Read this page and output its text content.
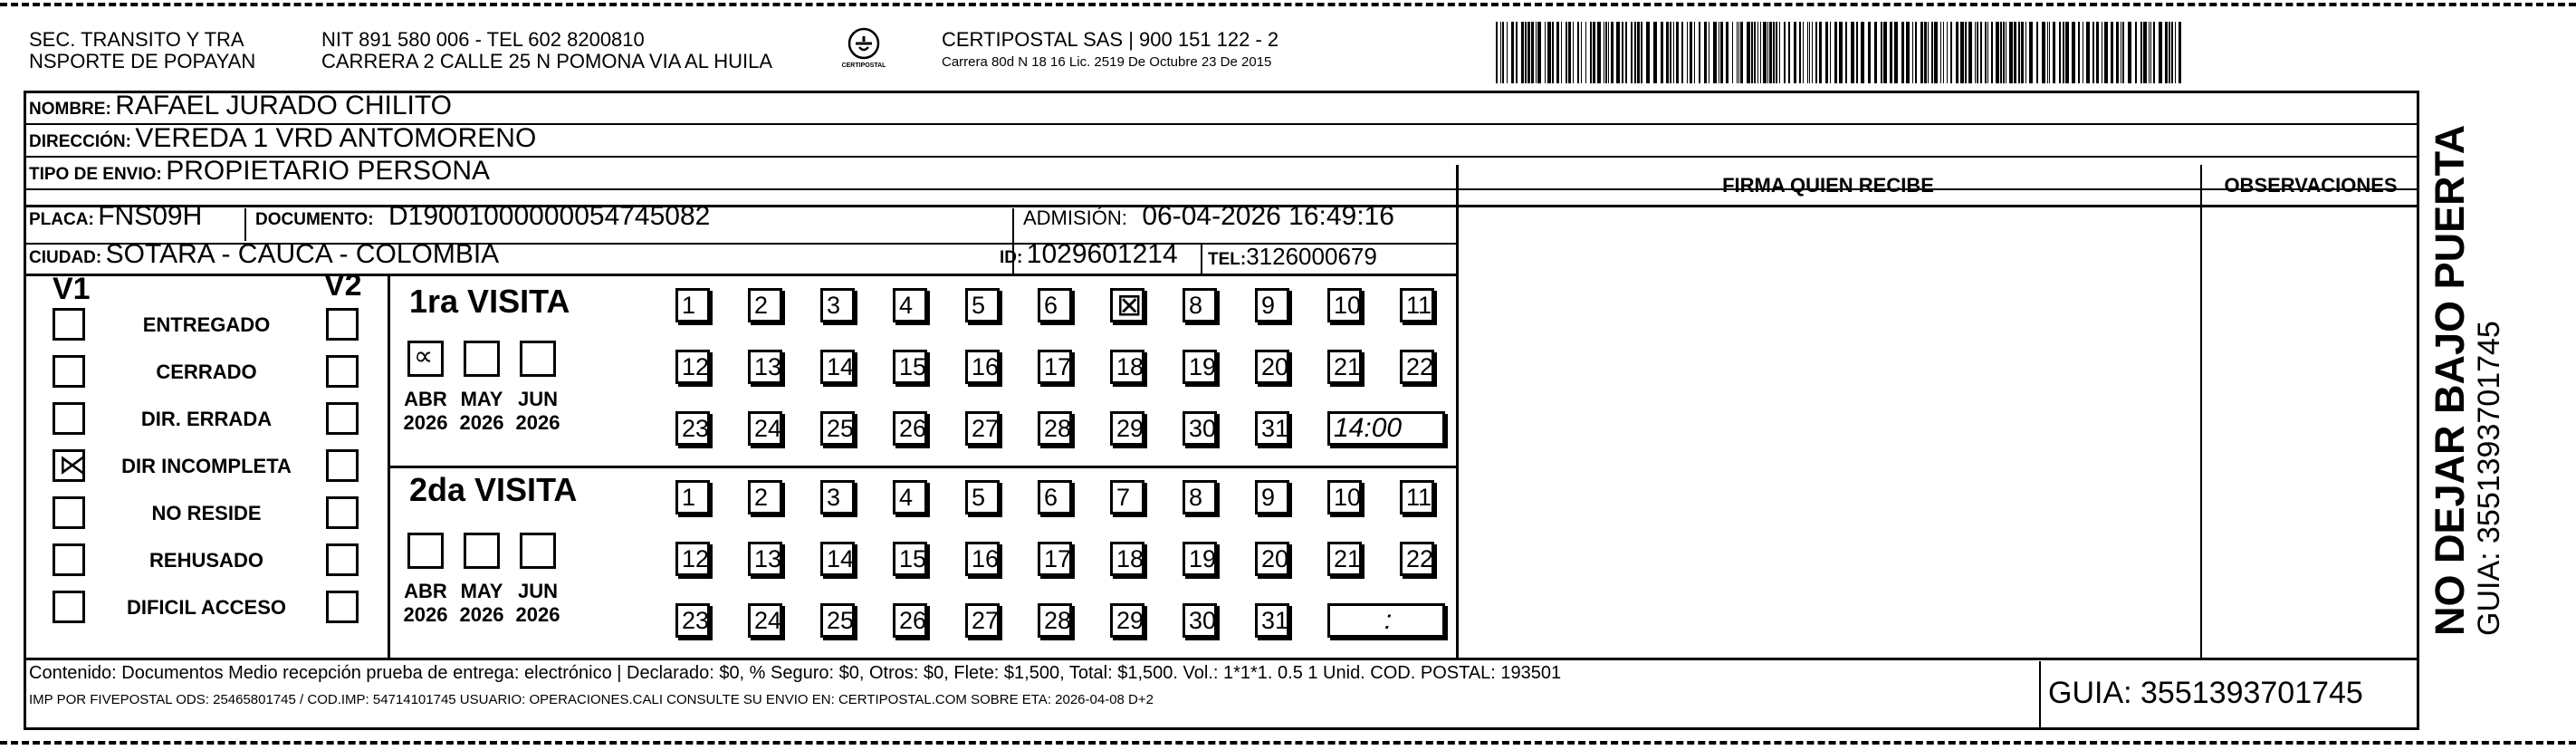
SEC. TRANSITO Y TRA
NSPORTE DE POPAYAN
NIT 891 580 006 - TEL 602 8200810
CARRERA 2 CALLE 25 N POMONA VIA AL HUILA	CERTIPOSTAL
CERTIPOSTAL SAS | 900 151 122 - 2
Carrera 80d N 18 16 Lic. 2519 De Octubre 23 De 2015
NOMBRE: RAFAEL JURADO CHILITO
DIRECCIÓN: VEREDA 1 VRD ANTOMORENO
TIPO DE ENVIO: PROPIETARIO PERSONA
PLACA: FNS09H	DOCUMENTO: D19001000000054745082	ADMISIÓN: 06-04-2026 16:49:16
CIUDAD: SOTARA - CAUCA - COLOMBIA	ID: 1029601214 TEL:3126000679
FIRMA QUIEN RECIBE	OBSERVACIONES
V1	V2
ENTREGADO
CERRADO
DIR. ERRADA
⋉	DIR INCOMPLETA
NO RESIDE
REHUSADO
DIFICIL ACCESO
1ra VISITA
2da VISITA
∝
ABR
2026
MAY
2026
JUN
2026
1	2	3	4	5	6	⊠ 8	9	10 11
12 13 14 15 16 17 18 19 20 21 22
23 24 25 26 27 28 29 30 31 14:00
ABR
2026
MAY
2026
JUN
2026
1	2	3	4	5	6	7	8	9	10 11
12 13 14 15 16 17 18 19 20 21 22
23 24 25 26 27 28 29 30 31	:
Contenido: Documentos Medio recepción prueba de entrega: electrónico | Declarado: $0, % Seguro: $0, Otros: $0, Flete: $1,500, Total: $1,500. Vol.: 1*1*1. 0.5 1 Unid. COD. POSTAL: 193501
IMP POR FIVEPOSTAL ODS: 25465801745 / COD.IMP: 54714101745 USUARIO: OPERACIONES.CALI CONSULTE SU ENVIO EN: CERTIPOSTAL.COM SOBRE ETA: 2026-04-08 D+2	GUIA: 3551393701745
NO DEJAR BAJO PUERTA GUIA: 3551393701745
